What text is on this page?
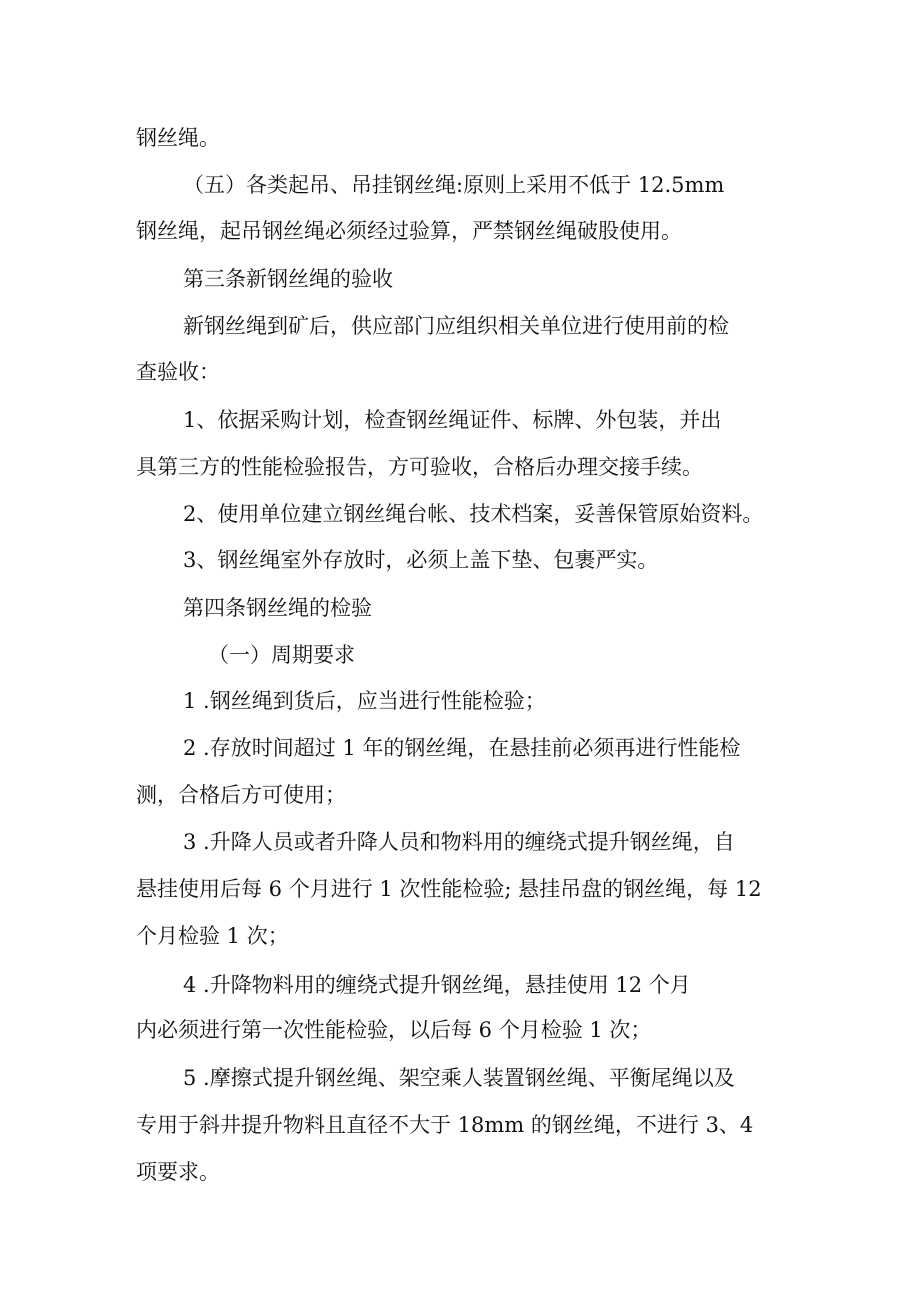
钢丝绳。

（五）各类起吊、吊挂钢丝绳:原则上采用不低于 12.5mm

钢丝绳，起吊钢丝绳必须经过验算，严禁钢丝绳破股使用。

第三条新钢丝绳的验收

新钢丝绳到矿后，供应部门应组织相关单位进行使用前的检

查验收：

1、依据采购计划，检查钢丝绳证件、标牌、外包装，并出

具第三方的性能检验报告，方可验收，合格后办理交接手续。

2、使用单位建立钢丝绳台帐、技术档案，妥善保管原始资料。

3、钢丝绳室外存放时，必须上盖下垫、包裹严实。

第四条钢丝绳的检验

（一）周期要求

1 .钢丝绳到货后，应当进行性能检验；

2 .存放时间超过 1 年的钢丝绳，在悬挂前必须再进行性能检

测，合格后方可使用；

3 .升降人员或者升降人员和物料用的缠绕式提升钢丝绳，自

悬挂使用后每 6 个月进行 1 次性能检验; 悬挂吊盘的钢丝绳，每 12

个月检验 1 次；

4 .升降物料用的缠绕式提升钢丝绳，悬挂使用 12 个月

内必须进行第一次性能检验，以后每 6 个月检验 1 次；

5 .摩擦式提升钢丝绳、架空乘人装置钢丝绳、平衡尾绳以及

专用于斜井提升物料且直径不大于 18mm 的钢丝绳，不进行 3、4

项要求。
